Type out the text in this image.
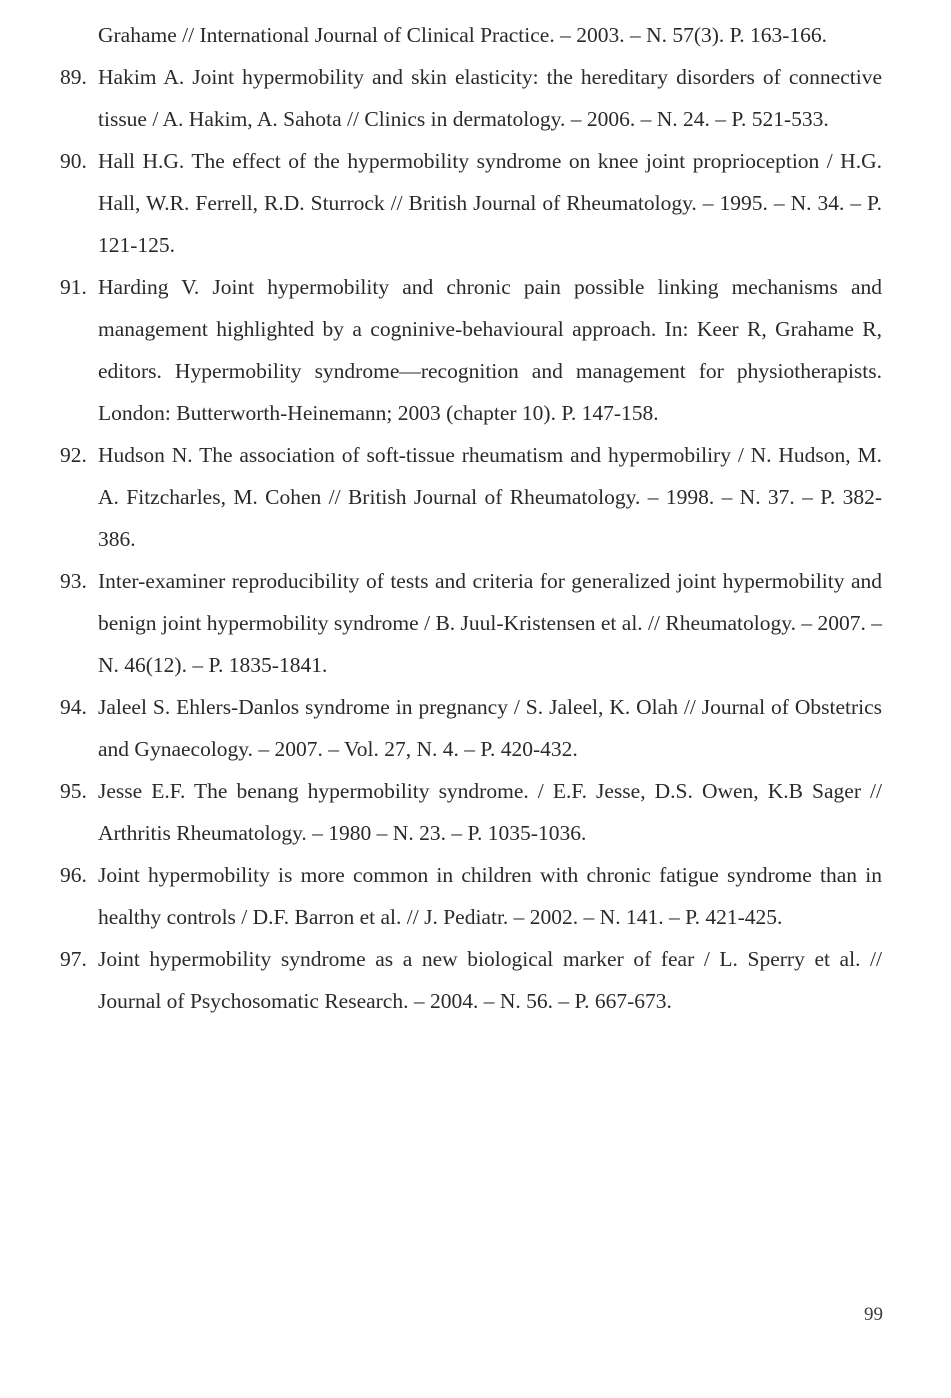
Grahame // International Journal of Clinical Practice. – 2003. – N. 57(3). P. 163-166.
89. Hakim A. Joint hypermobility and skin elasticity: the hereditary disorders of connective tissue / A. Hakim, A. Sahota // Clinics in dermatology. – 2006. – N. 24. – P. 521-533.
90. Hall H.G. The effect of the hypermobility syndrome on knee joint proprioception / H.G. Hall, W.R. Ferrell, R.D. Sturrock // British Journal of Rheumatology. – 1995. – N. 34. – P. 121-125.
91. Harding V. Joint hypermobility and chronic pain possible linking mechanisms and management highlighted by a cogninive-behavioural approach. In: Keer R, Grahame R, editors. Hypermobility syndrome—recognition and management for physiotherapists. London: Butterworth-Heinemann; 2003 (chapter 10). P. 147-158.
92. Hudson N. The association of soft-tissue rheumatism and hypermobiliry / N. Hudson, M. A. Fitzcharles, M. Cohen // British Journal of Rheumatology. – 1998. – N. 37. – P. 382-386.
93. Inter-examiner reproducibility of tests and criteria for generalized joint hypermobility and benign joint hypermobility syndrome / B. Juul-Kristensen et al. // Rheumatology. – 2007. – N. 46(12). – P. 1835-1841.
94. Jaleel S. Ehlers-Danlos syndrome in pregnancy / S. Jaleel, K. Olah // Journal of Obstetrics and Gynaecology. – 2007. – Vol. 27, N. 4. – P. 420-432.
95. Jesse E.F. The benang hypermobility syndrome. / E.F. Jesse, D.S. Owen, K.B Sager // Arthritis Rheumatology. – 1980 – N. 23. – P. 1035-1036.
96. Joint hypermobility is more common in children with chronic fatigue syndrome than in healthy controls / D.F. Barron et al. // J. Pediatr. – 2002. – N. 141. – P. 421-425.
97. Joint hypermobility syndrome as a new biological marker of fear / L. Sperry et al. // Journal of Psychosomatic Research. – 2004. – N. 56. – P. 667-673.
99
